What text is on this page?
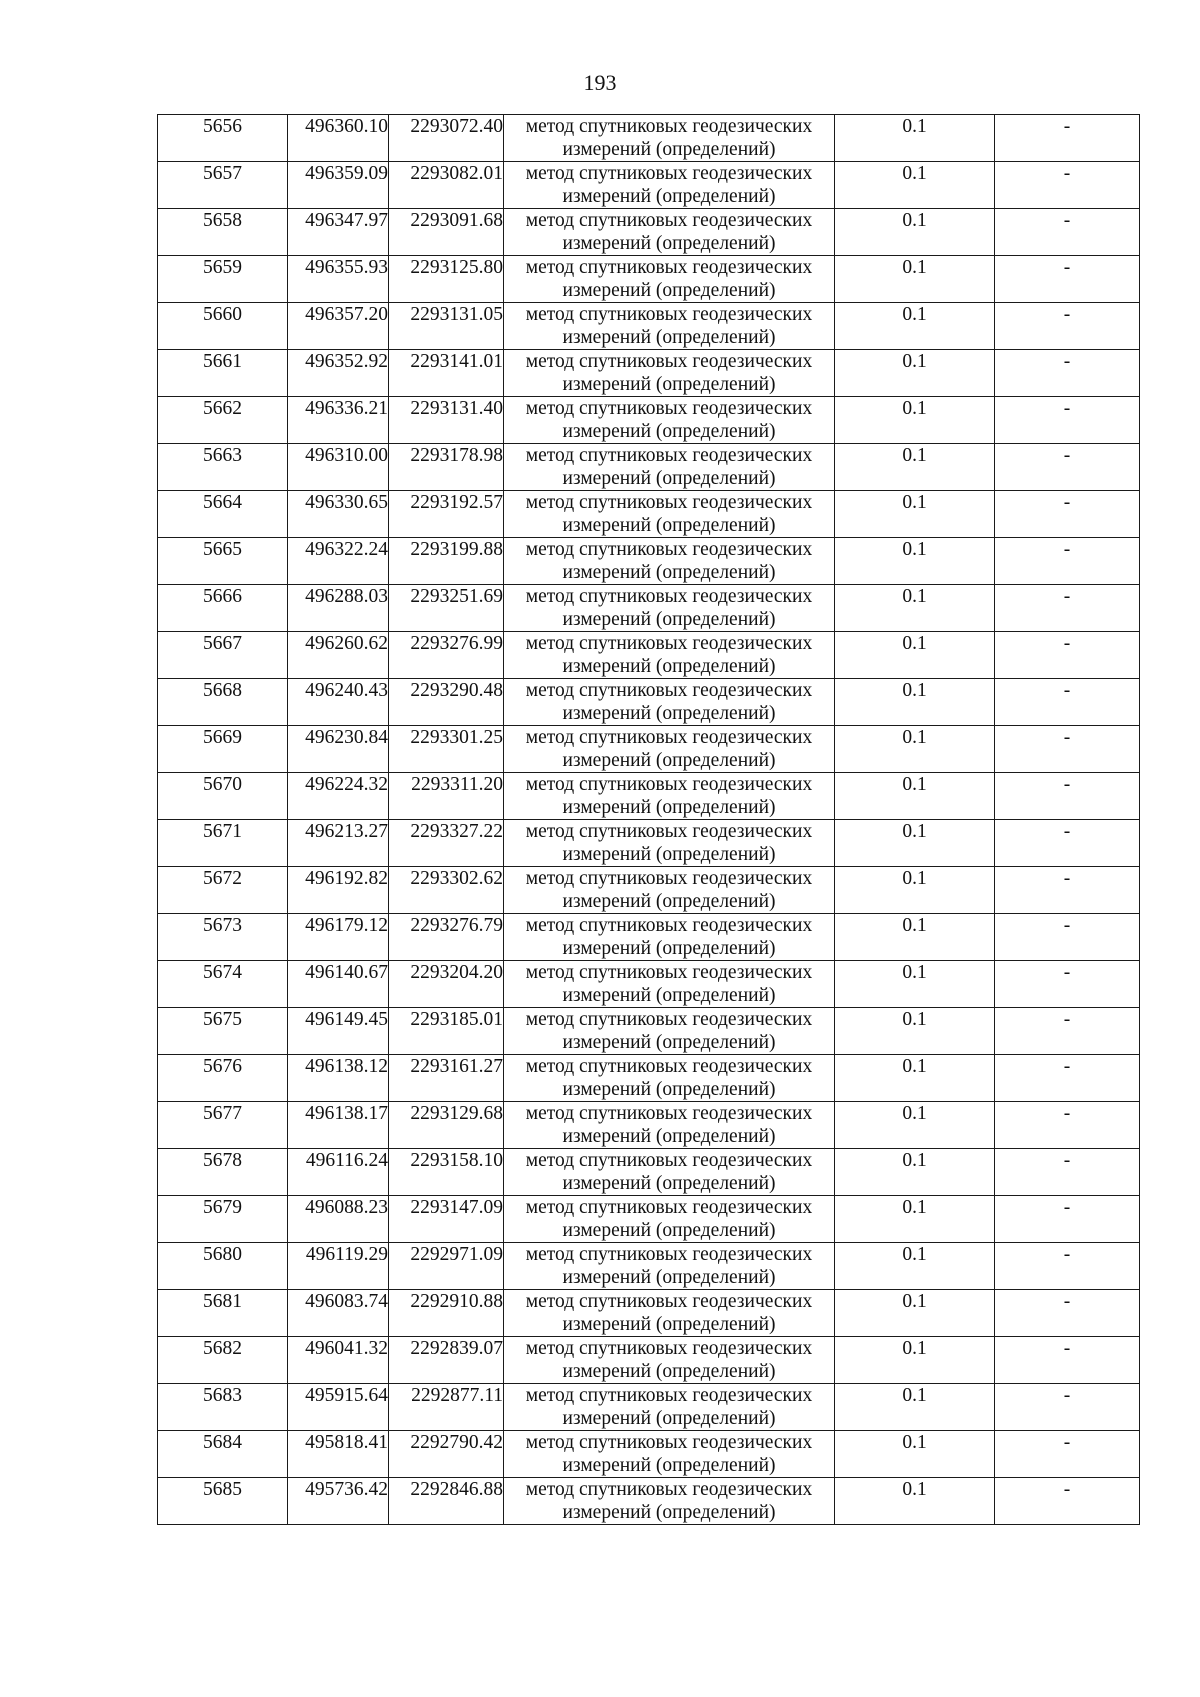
193
5656	496360.10	2293072.40	метод спутниковых геодезических
измерений (определений)	0.1	-
5657	496359.09	2293082.01	метод спутниковых геодезических
измерений (определений)	0.1	-
5658	496347.97	2293091.68	метод спутниковых геодезических
измерений (определений)	0.1	-
5659	496355.93	2293125.80	метод спутниковых геодезических
измерений (определений)	0.1	-
5660	496357.20	2293131.05	метод спутниковых геодезических
измерений (определений)	0.1	-
5661	496352.92	2293141.01	метод спутниковых геодезических
измерений (определений)	0.1	-
5662	496336.21	2293131.40	метод спутниковых геодезических
измерений (определений)	0.1	-
5663	496310.00	2293178.98	метод спутниковых геодезических
измерений (определений)	0.1	-
5664	496330.65	2293192.57	метод спутниковых геодезических
измерений (определений)	0.1	-
5665	496322.24	2293199.88	метод спутниковых геодезических
измерений (определений)	0.1	-
5666	496288.03	2293251.69	метод спутниковых геодезических
измерений (определений)	0.1	-
5667	496260.62	2293276.99	метод спутниковых геодезических
измерений (определений)	0.1	-
5668	496240.43	2293290.48	метод спутниковых геодезических
измерений (определений)	0.1	-
5669	496230.84	2293301.25	метод спутниковых геодезических
измерений (определений)	0.1	-
5670	496224.32	2293311.20	метод спутниковых геодезических
измерений (определений)	0.1	-
5671	496213.27	2293327.22	метод спутниковых геодезических
измерений (определений)	0.1	-
5672	496192.82	2293302.62	метод спутниковых геодезических
измерений (определений)	0.1	-
5673	496179.12	2293276.79	метод спутниковых геодезических
измерений (определений)	0.1	-
5674	496140.67	2293204.20	метод спутниковых геодезических
измерений (определений)	0.1	-
5675	496149.45	2293185.01	метод спутниковых геодезических
измерений (определений)	0.1	-
5676	496138.12	2293161.27	метод спутниковых геодезических
измерений (определений)	0.1	-
5677	496138.17	2293129.68	метод спутниковых геодезических
измерений (определений)	0.1	-
5678	496116.24	2293158.10	метод спутниковых геодезических
измерений (определений)	0.1	-
5679	496088.23	2293147.09	метод спутниковых геодезических
измерений (определений)	0.1	-
5680	496119.29	2292971.09	метод спутниковых геодезических
измерений (определений)	0.1	-
5681	496083.74	2292910.88	метод спутниковых геодезических
измерений (определений)	0.1	-
5682	496041.32	2292839.07	метод спутниковых геодезических
измерений (определений)	0.1	-
5683	495915.64	2292877.11	метод спутниковых геодезических
измерений (определений)	0.1	-
5684	495818.41	2292790.42	метод спутниковых геодезических
измерений (определений)	0.1	-
5685	495736.42	2292846.88	метод спутниковых геодезических
измерений (определений)	0.1	-
